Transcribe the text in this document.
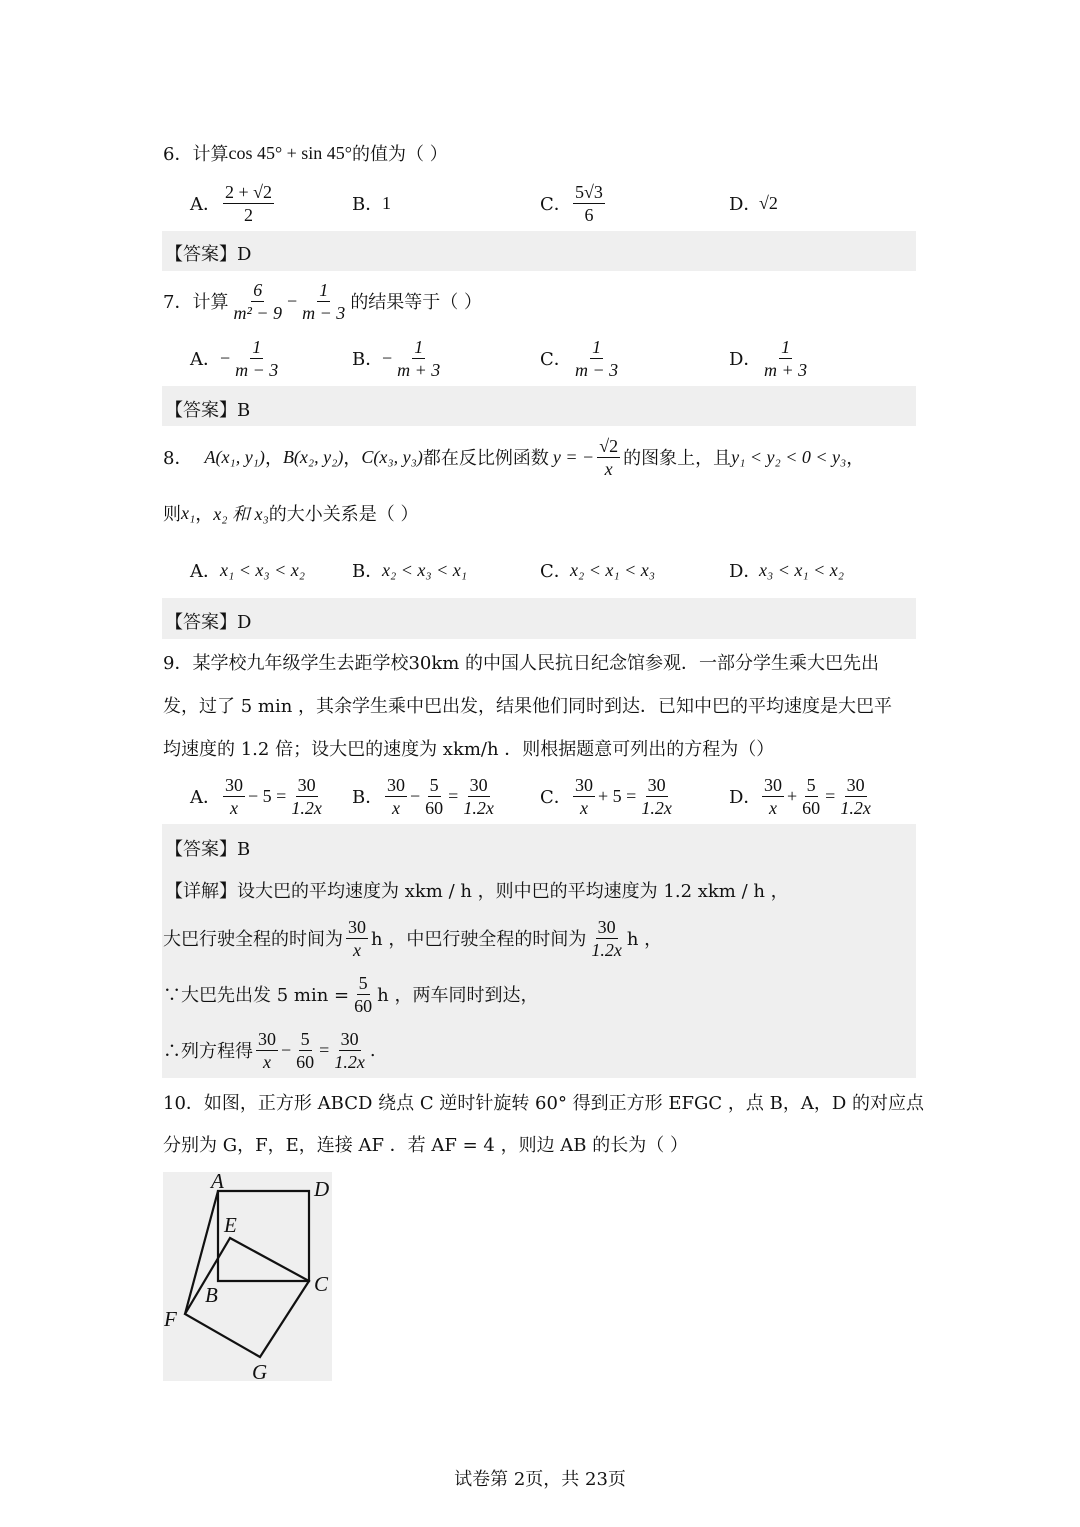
6． 计算 cos 45° + sin 45° 的值为（ ）
A． $\frac{2 + √2}{2}$	B．
1	C． $\frac{5√3}{6}$	D．
√2
【答案】D
7． 计算 $\frac{6}{\text{m² − 9}} - \frac{1}{m - 3}$ 的结果等于（ ）
A． − $\frac{1}{m - 3}$	B．
− $\frac{1}{m + 3}$	C． $\frac{1}{m - 3}$	D． $\frac{1}{m + 3}$
【答案】B
8． A(x₁, y₁) ， B(x₂, y₂) ， C(x₃, y₃) 都在反比例函数 y = − $\frac{√2}{x}$ 的图象上，且 y₁ < y₂ < 0 < y₃ ，
则 x₁ ， x₂ 和 x₃ 的大小关系是（ ）
A． x₁ < x₃ < x₂	B．
x₂ < x₃ < x₁	C．
x₂ < x₁ < x₃	D．
x₃ < x₁ < x₂
【答案】D
9．某学校九年级学生去距学校30km 的中国人民抗日纪念馆参观．一部分学生乘大巴先出
发，过了 5 min ，其余学生乘中巴出发，结果他们同时到达．已知中巴的平均速度是大巴平
均速度的 1.2 倍；设大巴的速度为 xkm/h ．则根据题意可列出的方程为（）
A． $\frac{30}{x} - 5 = \frac{30}{1.2x}$ B． $\frac{30}{x} - \frac{5}{60} = \frac{30}{1.2x}$ C． $\frac{30}{x} + 5 = \frac{30}{1.2x}$	D． $\frac{30}{x} + \frac{5}{60} = \frac{30}{1.2x}$
【答案】B
【详解】设大巴的平均速度为 xkm / h ，则中巴的平均速度为 1.2 xkm / h ，
大巴行驶全程的时间为 $\frac{30}{x}$ h ，中巴行驶全程的时间为 $\frac{30}{1.2x}$ h ，
∵大巴先出发 5 $\min = \frac{5}{60}$ h ，两车同时到达，
∴列方程得 $\frac{30}{x} - \frac{5}{60} = \frac{30}{1.2x}$ .
10．如图，正方形 ABCD 绕点 C 逆时针旋转 60° 得到正方形 EFGC ，点 B，A，D 的对应点
分别为 G，F，E，连接 AF ．若 AF = 4 ，则边 AB 的长为（ ）
A	D
E
C
B
F
G
试卷第 2页，共 23页
